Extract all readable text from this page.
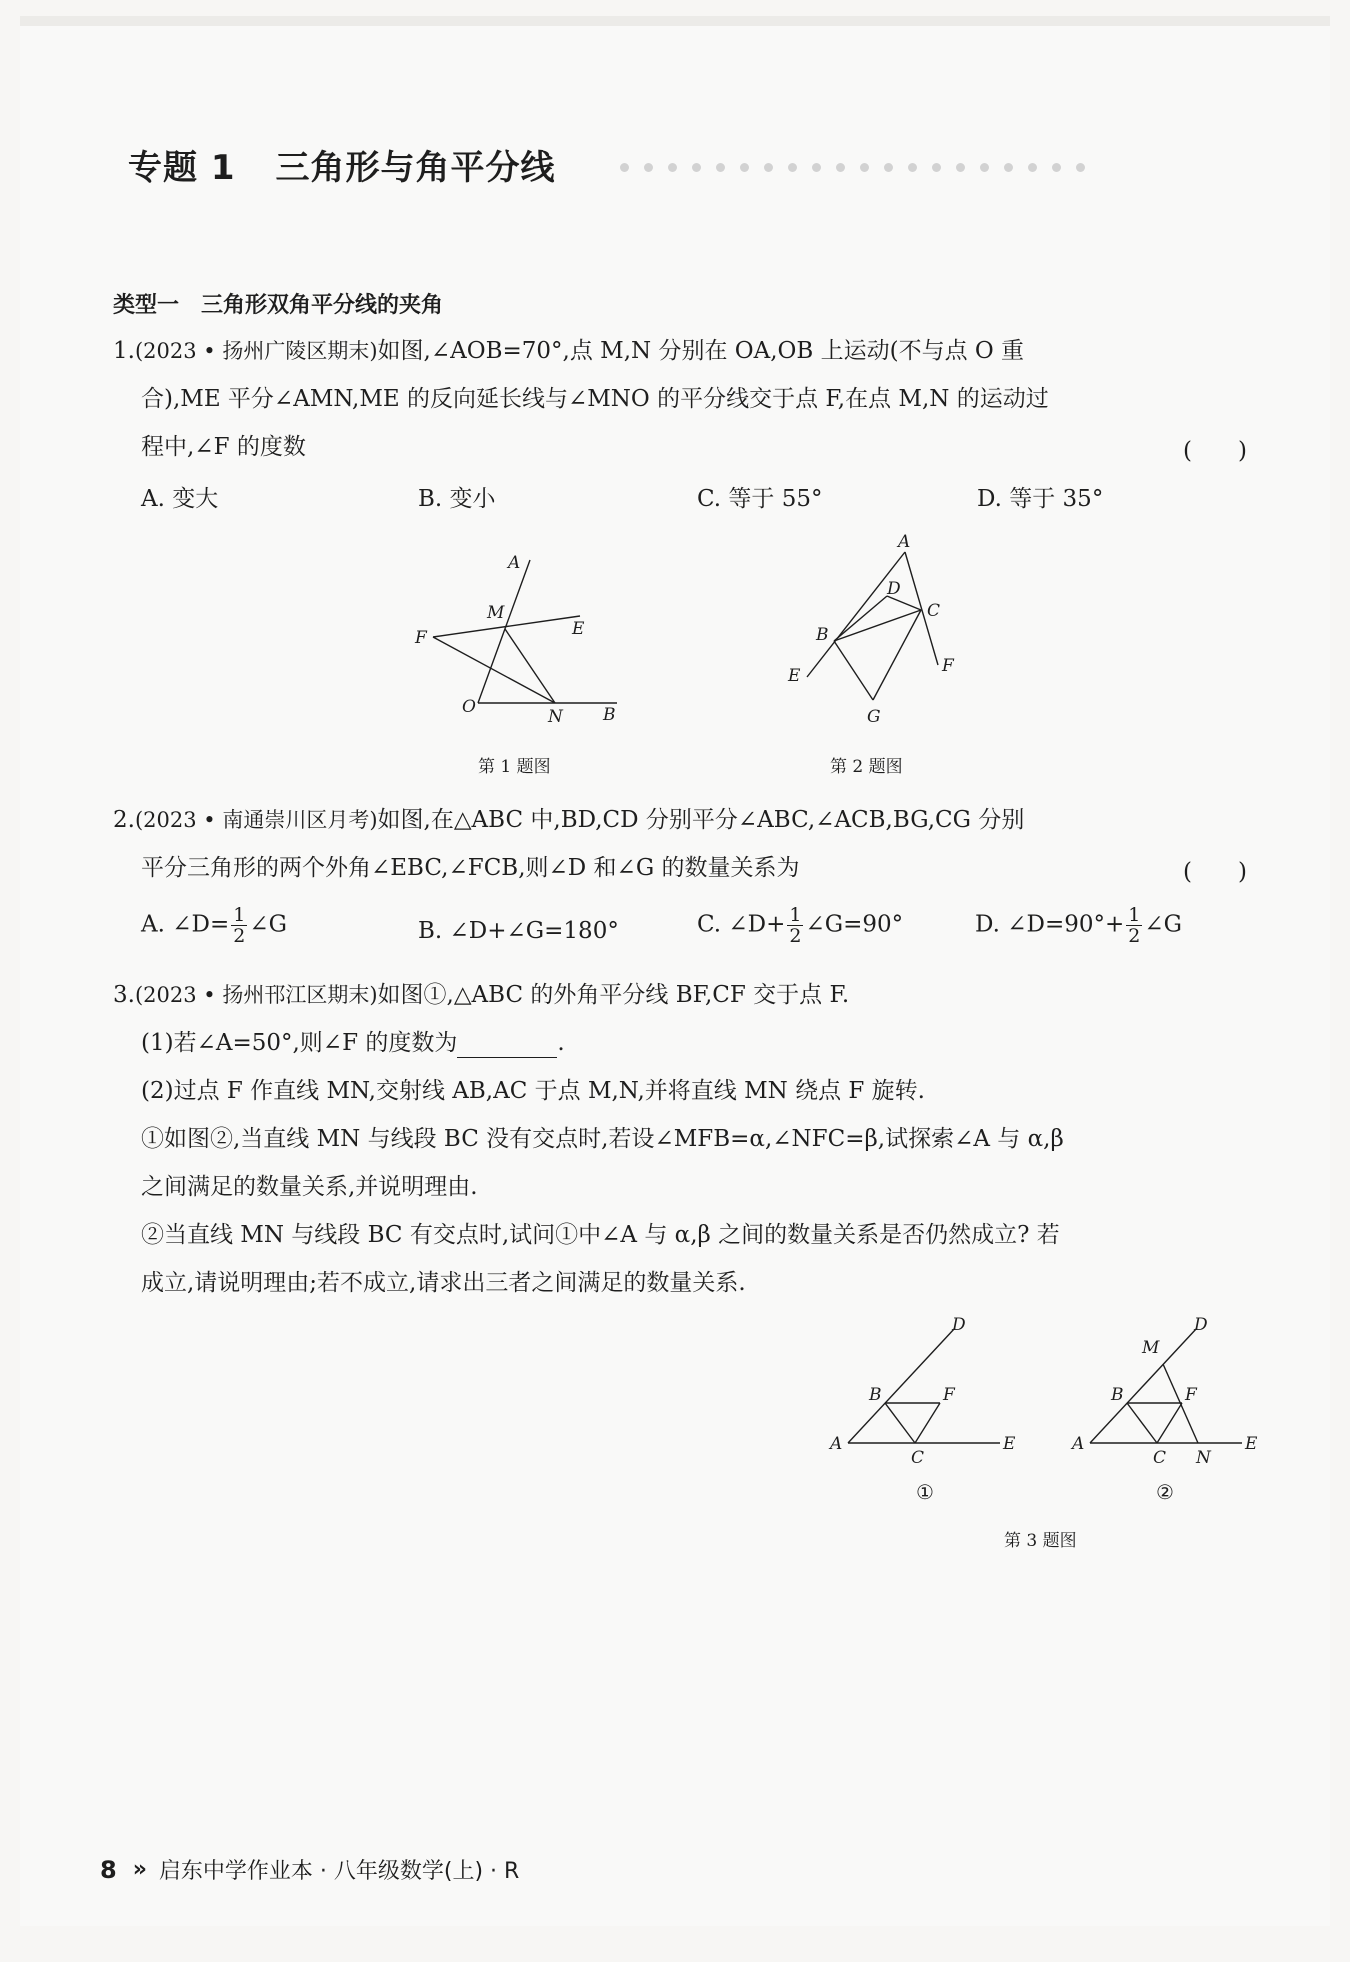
专题 1 三角形与角平分线
类型一 三角形双角平分线的夹角
1.(2023 • 扬州广陵区期末)如图,∠AOB=70°,点 M,N 分别在 OA,OB 上运动(不与点 O 重
合),ME 平分∠AMN,ME 的反向延长线与∠MNO 的平分线交于点 F,在点 M,N 的运动过
程中,∠F 的度数	(　　)
A. 变大	B. 变小	C. 等于 55°	D. 等于 35°
A
M
E
F
O	N B
第 1 题图
A
D
C
B
E	F
G
第 2 题图
2.(2023 • 南通崇川区月考)如图,在△ABC 中,BD,CD 分别平分∠ABC,∠ACB,BG,CG 分别
平分三角形的两个外角∠EBC,∠FCB,则∠D 和∠G 的数量关系为	(　　)
A. ∠D= $\frac{1}{2}$ ∠G	B. ∠D+∠G=180°	C. ∠D+ $\frac{1}{2}$ ∠G=90°	D. ∠D=90°+ $\frac{1}{2}$ ∠G
3.(2023 • 扬州邗江区期末)如图①,△ABC 的外角平分线 BF,CF 交于点 F.
(1)若∠A=50°,则∠F 的度数为	.
(2)过点 F 作直线 MN,交射线 AB,AC 于点 M,N,并将直线 MN 绕点 F 旋转.
①如图②,当直线 MN 与线段 BC 没有交点时,若设∠MFB=α,∠NFC=β,试探索∠A 与 α,β
之间满足的数量关系,并说明理由.
②当直线 MN 与线段 BC 有交点时,试问①中∠A 与 α,β 之间的数量关系是否仍然成立? 若
成立,请说明理由;若不成立,请求出三者之间满足的数量关系.
D
B	F
A
C
E
D
M
B	F
A
C N
E
①	②
第 3 题图
8 » 启东中学作业本 · 八年级数学(上) · R
